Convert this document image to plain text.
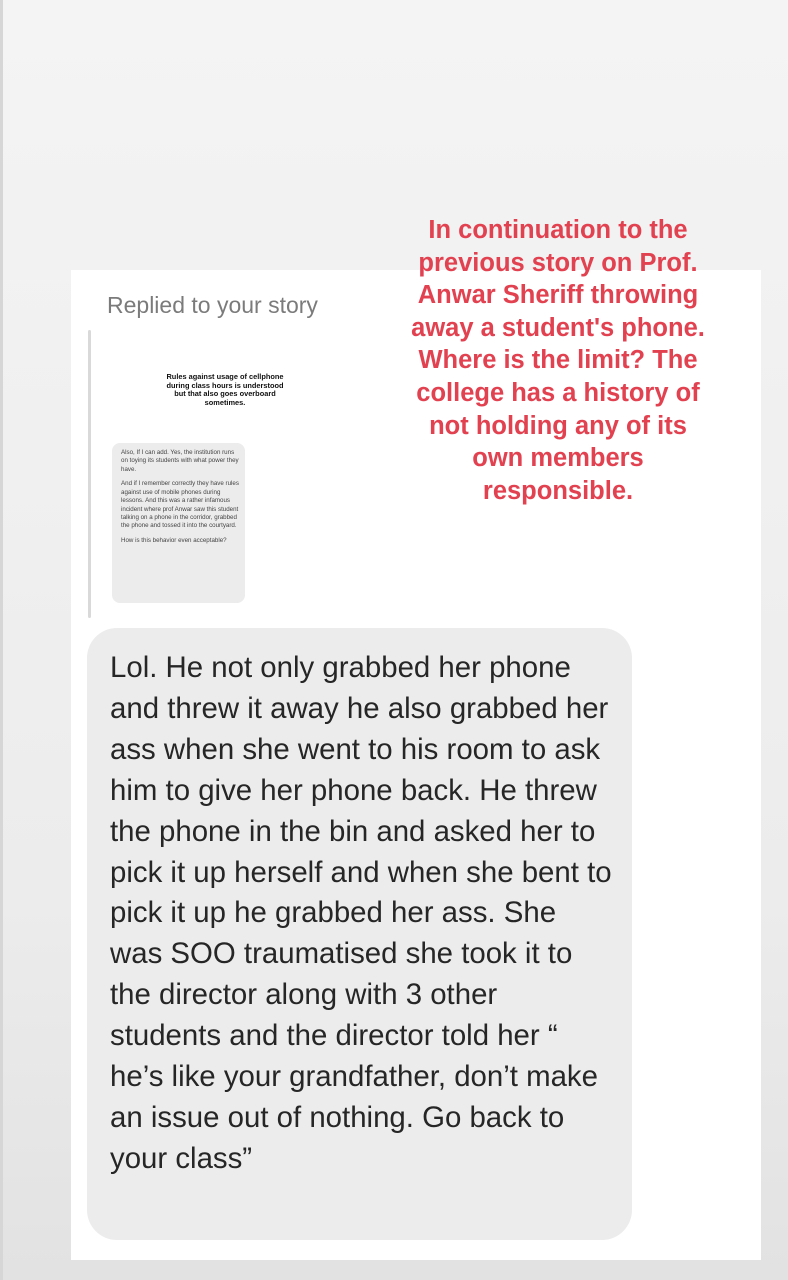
Replied to your story
Rules against usage of cellphone during class hours is understood but that also goes overboard sometimes.

Also, If I can add. Yes, the institution runs on toying its students with what power they have.

And if I remember correctly they have rules against use of mobile phones during lessons. And this was a rather infamous incident where prof Anwar saw this student talking on a phone in the corridor, grabbed the phone and tossed it into the courtyard.

How is this behavior even acceptable?

In continuation to the previous story on Prof. Anwar Sheriff throwing away a student's phone. Where is the limit? The college has a history of not holding any of its own members responsible.
Lol. He not only grabbed her phone and threw it away he also grabbed her ass when she went to his room to ask him to give her phone back. He threw the phone in the bin and asked her to pick it up herself and when she bent to pick it up he grabbed her ass. She was SOO traumatised she took it to the director along with 3 other students and the director told her “ he’s like your grandfather, don’t make an issue out of nothing. Go back to your class”
